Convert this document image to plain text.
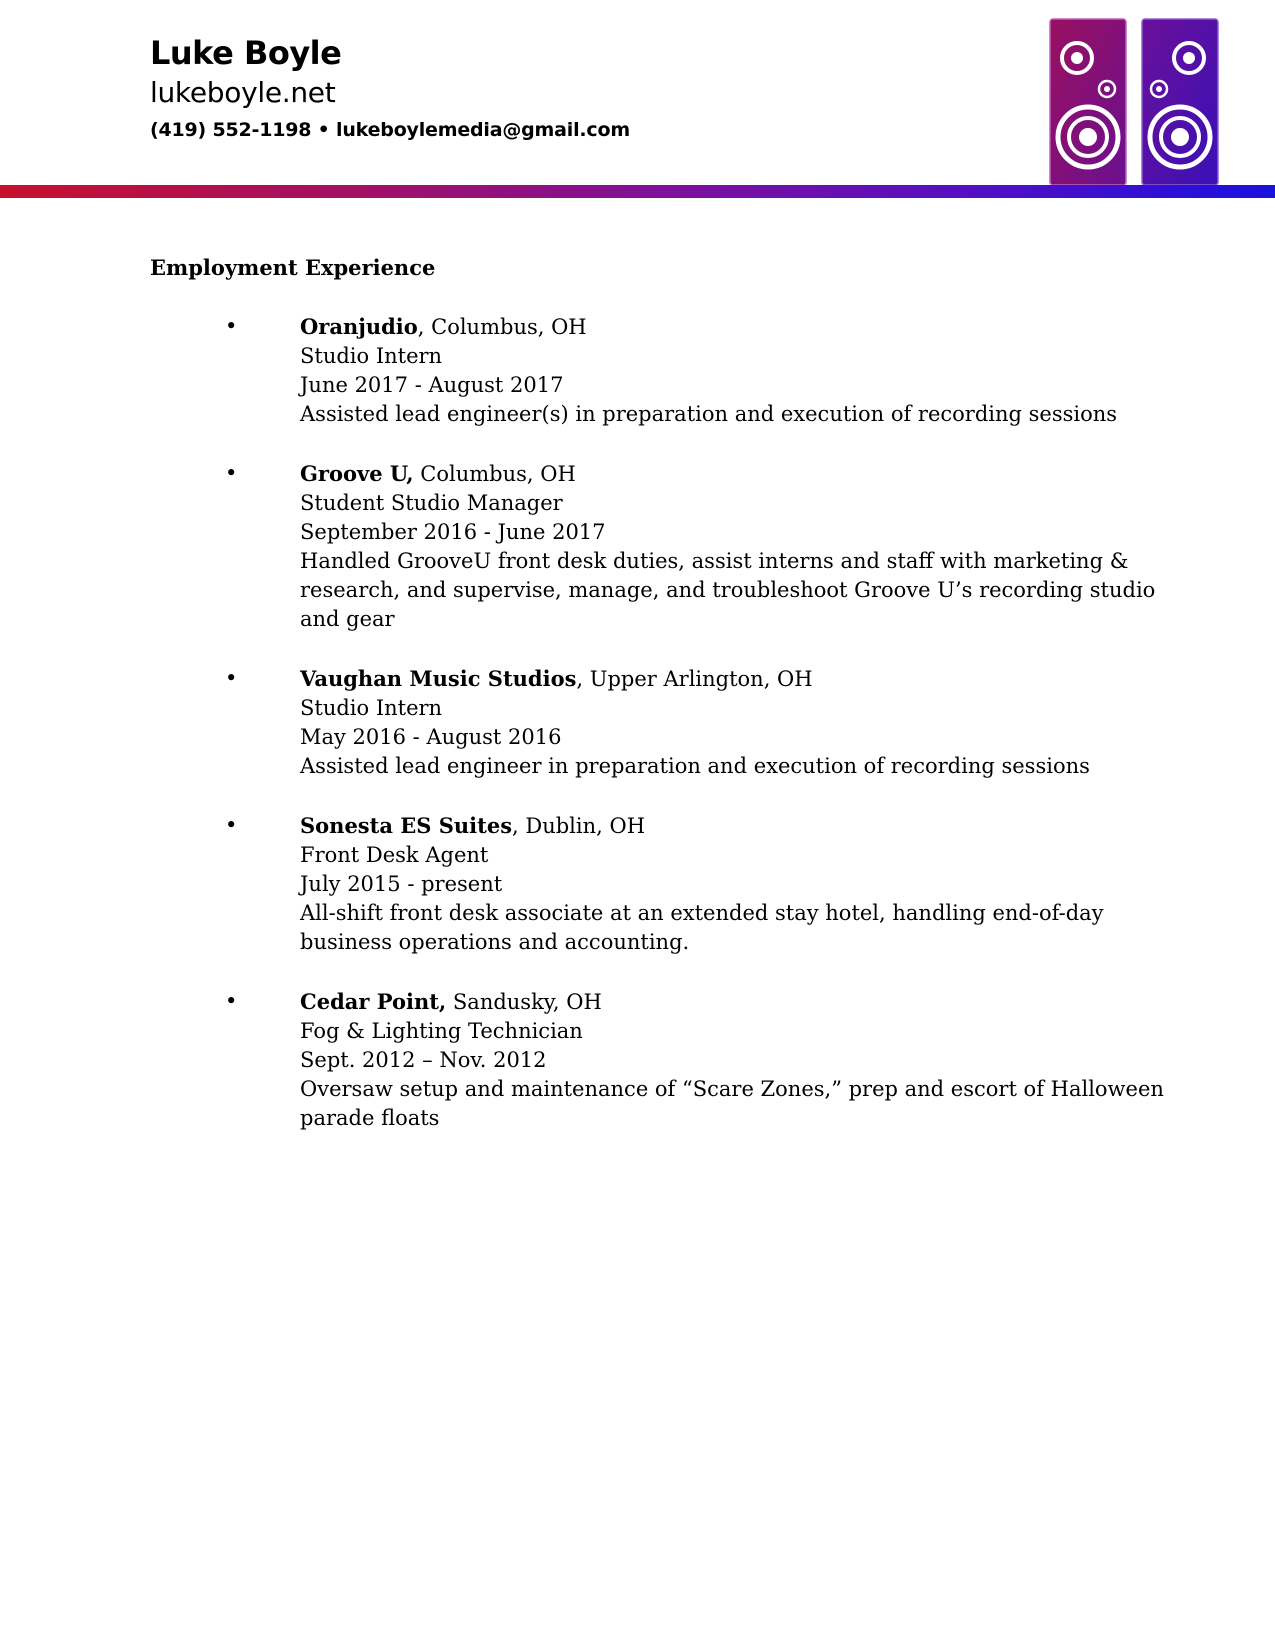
Luke Boyle
lukeboyle.net
(419) 552-1198 • lukeboylemedia@gmail.com
Employment Experience
•	Oranjudio, Columbus, OH
Studio Intern
June 2017 - August 2017
Assisted lead engineer(s) in preparation and execution of recording sessions
•	Groove U, Columbus, OH
Student Studio Manager
September 2016 - June 2017
Handled GrooveU front desk duties, assist interns and staff with marketing & research, and supervise, manage, and troubleshoot Groove U’s recording studio and gear
•	Vaughan Music Studios, Upper Arlington, OH
Studio Intern
May 2016 - August 2016
Assisted lead engineer in preparation and execution of recording sessions
•	Sonesta ES Suites, Dublin, OH
Front Desk Agent
July 2015 - present
All-shift front desk associate at an extended stay hotel, handling end-of-day business operations and accounting.
•	Cedar Point, Sandusky, OH
Fog & Lighting Technician
Sept. 2012 – Nov. 2012
Oversaw setup and maintenance of “Scare Zones,” prep and escort of Halloween parade floats
